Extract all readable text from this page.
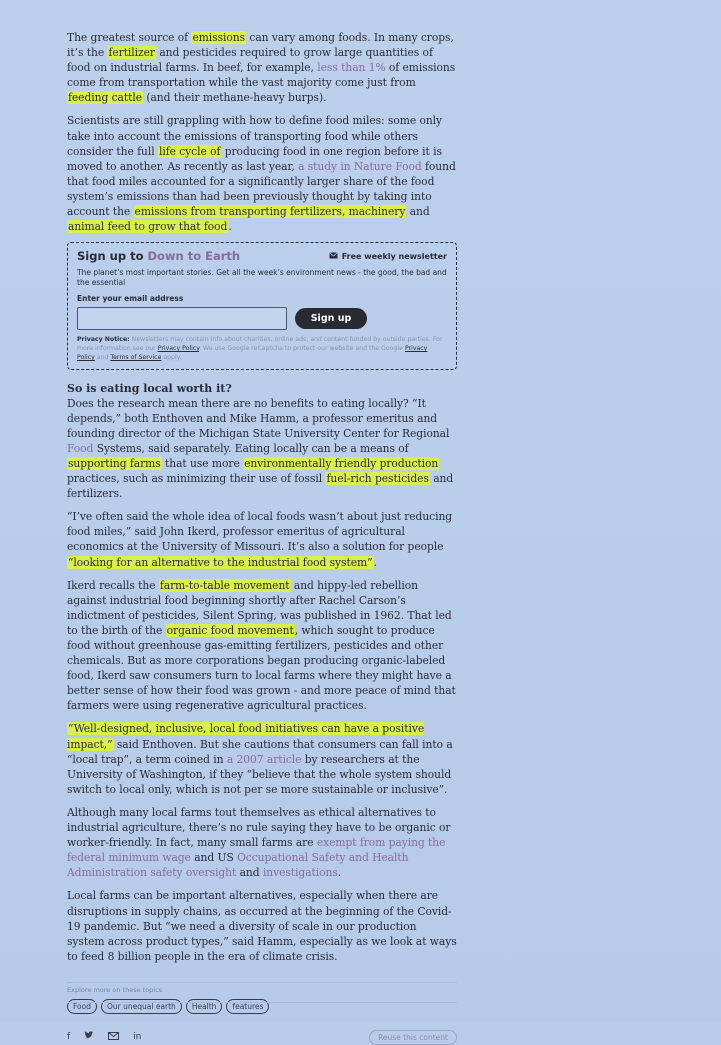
The greatest source of emissions can vary among foods. In many crops, it’s the fertilizer and pesticides required to grow large quantities of food on industrial farms. In beef, for example, less than 1% of emissions come from transportation while the vast majority come just from feeding cattle (and their methane-heavy burps).

Scientists are still grappling with how to define food miles: some only take into account the emissions of transporting food while others consider the full life cycle of producing food in one region before it is moved to another. As recently as last year, a study in Nature Food found that food miles accounted for a significantly larger share of the food system’s emissions than had been previously thought by taking into account the emissions from transporting fertilizers, machinery and animal feed to grow that food.

Sign up to Down to Earth	Free weekly newsletter
The planet’s most important stories. Get all the week’s environment news - the good, the bad and the essential
Enter your email address
Sign up
Privacy Notice: Newsletters may contain info about charities, online ads, and content funded by outside parties. For more information see our Privacy Policy. We use Google reCaptcha to protect our website and the Google Privacy Policy and Terms of Service apply.
So is eating local worth it?

Does the research mean there are no benefits to eating locally? “It depends,” both Enthoven and Mike Hamm, a professor emeritus and founding director of the Michigan State University Center for Regional Food Systems, said separately. Eating locally can be a means of supporting farms that use more environmentally friendly production practices, such as minimizing their use of fossil fuel-rich pesticides and fertilizers.

“I’ve often said the whole idea of local foods wasn’t about just reducing food miles,” said John Ikerd, professor emeritus of agricultural economics at the University of Missouri. It’s also a solution for people “looking for an alternative to the industrial food system”.

Ikerd recalls the farm-to-table movement and hippy-led rebellion against industrial food beginning shortly after Rachel Carson’s indictment of pesticides, Silent Spring, was published in 1962. That led to the birth of the organic food movement, which sought to produce food without greenhouse gas-emitting fertilizers, pesticides and other chemicals. But as more corporations began producing organic-labeled food, Ikerd saw consumers turn to local farms where they might have a better sense of how their food was grown - and more peace of mind that farmers were using regenerative agricultural practices.

“Well-designed, inclusive, local food initiatives can have a positive impact,” said Enthoven. But she cautions that consumers can fall into a “local trap”, a term coined in a 2007 article by researchers at the University of Washington, if they “believe that the whole system should switch to local only, which is not per se more sustainable or inclusive”.

Although many local farms tout themselves as ethical alternatives to industrial agriculture, there’s no rule saying they have to be organic or worker-friendly. In fact, many small farms are exempt from paying the federal minimum wage and US Occupational Safety and Health Administration safety oversight and investigations.

Local farms can be important alternatives, especially when there are disruptions in supply chains, as occurred at the beginning of the Covid-19 pandemic. But “we need a diversity of scale in our production system across product types,” said Hamm, especially as we look at ways to feed 8 billion people in the era of climate crisis.

Explore more on these topics
Food	Our unequal earth	Health	features
f	in	Reuse this content
